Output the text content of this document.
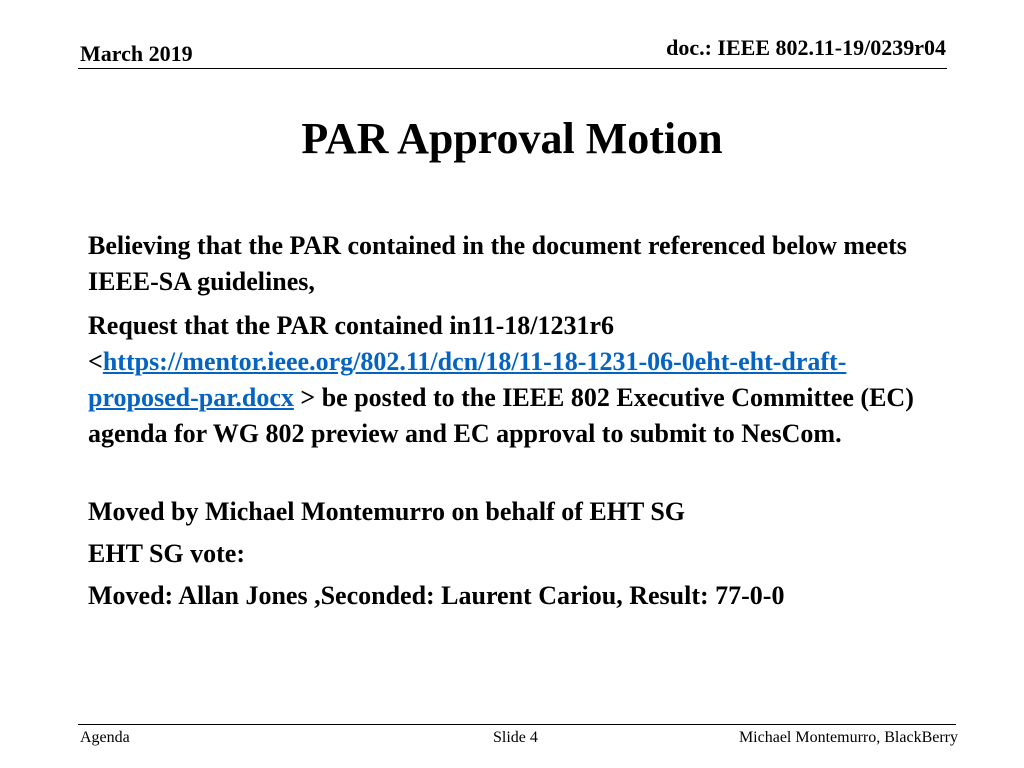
March 2019	doc.: IEEE 802.11-19/0239r04
PAR Approval Motion

Believing that the PAR contained in the document referenced below meets IEEE-SA guidelines,

Request that the PAR contained in11-18/1231r6 <https://mentor.ieee.org/802.11/dcn/18/11-18-1231-06-0eht-eht-draft-proposed-par.docx > be posted to the IEEE 802 Executive Committee (EC) agenda for WG 802 preview and EC approval to submit to NesCom.

Moved by Michael Montemurro on behalf of EHT SG

EHT SG vote:

Moved: Allan Jones ,Seconded: Laurent Cariou, Result: 77-0-0

Agenda	Slide 4	Michael Montemurro, BlackBerry
